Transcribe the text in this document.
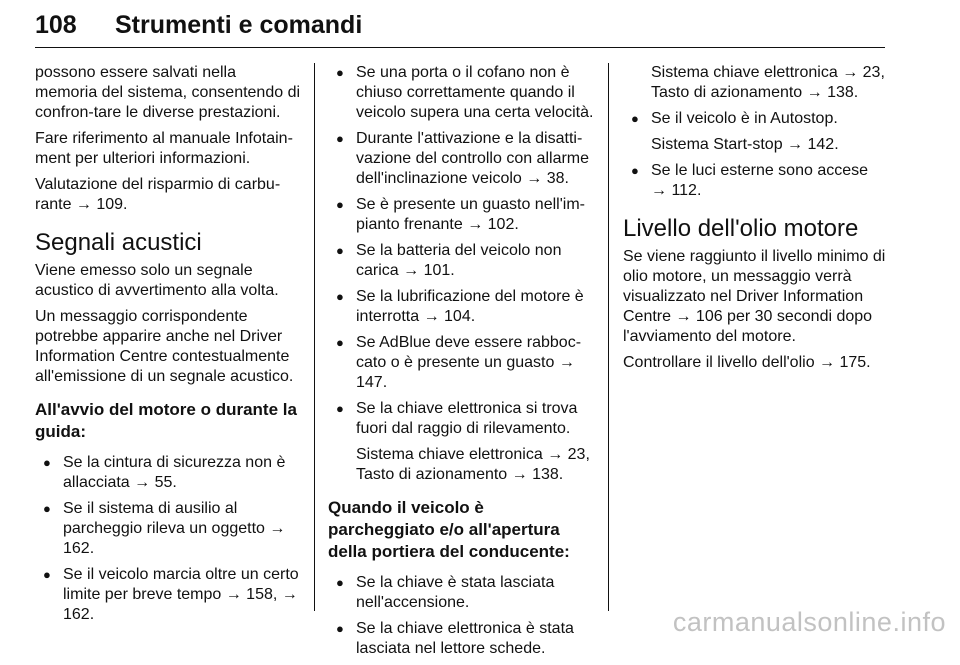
108 Strumenti e comandi

possono essere salvati nella memoria del sistema, consentendo di confron-tare le diverse prestazioni.

Fare riferimento al manuale Infotain-ment per ulteriori informazioni.

Valutazione del risparmio di carbu-rante → 109.

Segnali acustici

Viene emesso solo un segnale acustico di avvertimento alla volta.

Un messaggio corrispondente potrebbe apparire anche nel Driver Information Centre contestualmente all'emissione di un segnale acustico.

All'avvio del motore o durante la guida:
● Se la cintura di sicurezza non è allacciata → 55.
● Se il sistema di ausilio al parcheggio rileva un oggetto → 162.
● Se il veicolo marcia oltre un certo limite per breve tempo → 158, → 162.
● Se una porta o il cofano non è chiuso correttamente quando il veicolo supera una certa velocità.
● Durante l'attivazione e la disatti-vazione del controllo con allarme dell'inclinazione veicolo → 38.
● Se è presente un guasto nell'im-pianto frenante → 102.
● Se la batteria del veicolo non carica → 101.
● Se la lubrificazione del motore è interrotta → 104.
● Se AdBlue deve essere rabboc-cato o è presente un guasto → 147.
● Se la chiave elettronica si trova fuori dal raggio di rilevamento.
Sistema chiave elettronica → 23, Tasto di azionamento → 138.
Quando il veicolo è parcheggiato e/o all'apertura della portiera del conducente:
● Se la chiave è stata lasciata nell'accensione.
● Se la chiave elettronica è stata lasciata nel lettore schede.

Sistema chiave elettronica → 23, Tasto di azionamento → 138.

● Se il veicolo è in Autostop.
Sistema Start-stop → 142.
● Se le luci esterne sono accese → 112.
Livello dell'olio motore

Se viene raggiunto il livello minimo di olio motore, un messaggio verrà visualizzato nel Driver Information Centre → 106 per 30 secondi dopo l'avviamento del motore.

Controllare il livello dell'olio → 175.

carmanualsonline.info
